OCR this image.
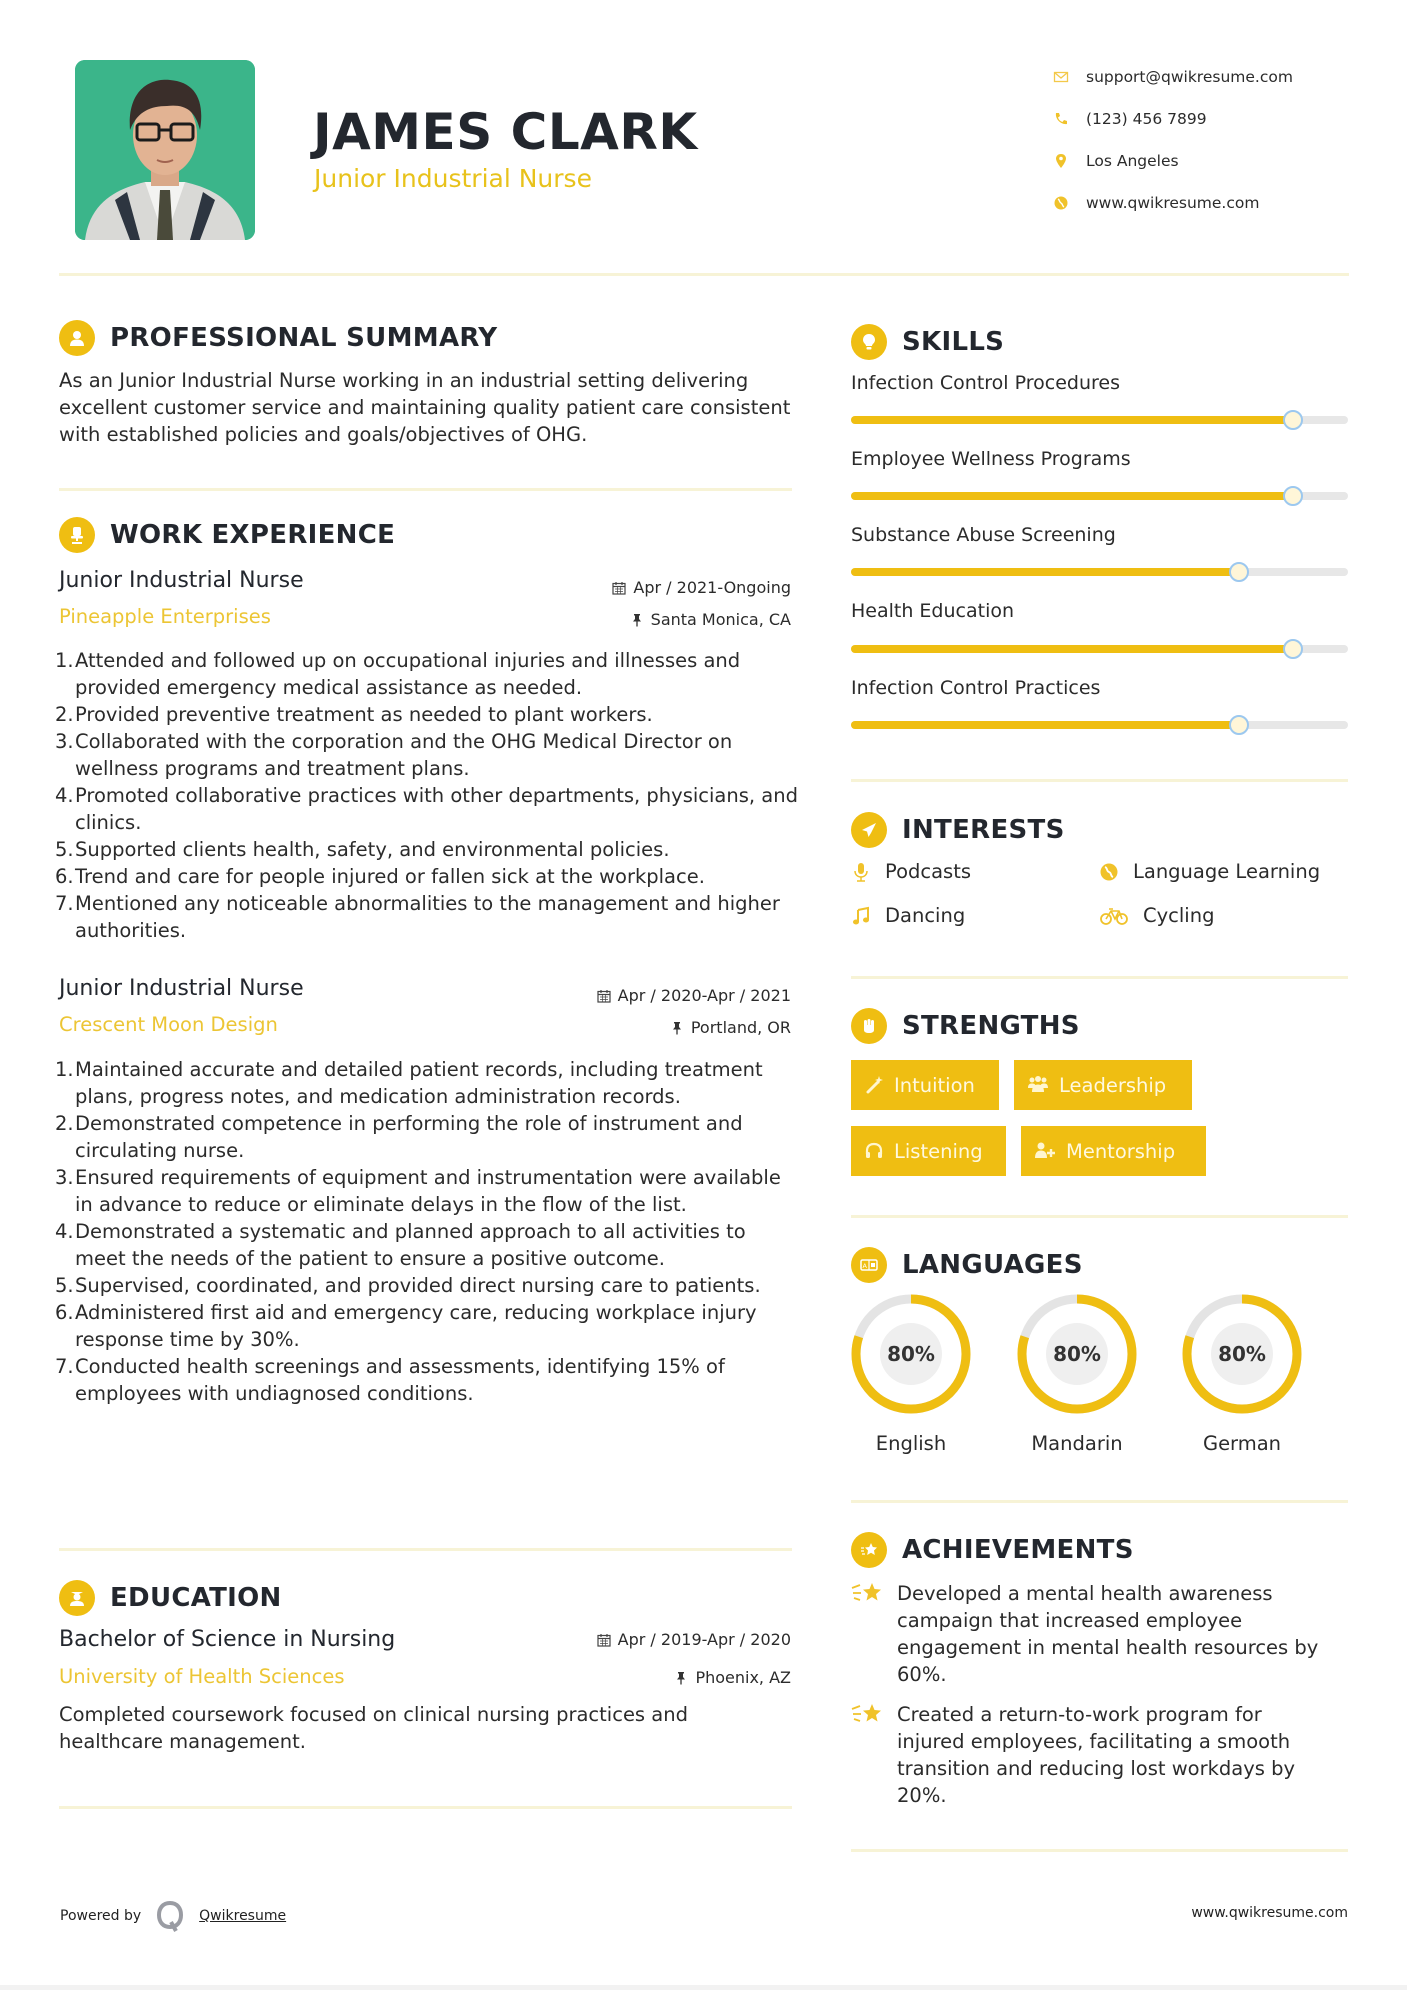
JAMES CLARK
Junior Industrial Nurse
support@qwikresume.com
(123) 456 7899
Los Angeles
www.qwikresume.com
PROFESSIONAL SUMMARY
As an Junior Industrial Nurse working in an industrial setting delivering excellent customer service and maintaining quality patient care consistent with established policies and goals/objectives of OHG.
WORK EXPERIENCE
Junior Industrial Nurse	Apr / 2021-Ongoing
Pineapple Enterprises	Santa Monica, CA
1. Attended and followed up on occupational injuries and illnesses and provided emergency medical assistance as needed.
2. Provided preventive treatment as needed to plant workers.
3. Collaborated with the corporation and the OHG Medical Director on wellness programs and treatment plans.
4. Promoted collaborative practices with other departments, physicians, and clinics.
5. Supported clients health, safety, and environmental policies.
6. Trend and care for people injured or fallen sick at the workplace.
7. Mentioned any noticeable abnormalities to the management and higher authorities.
Junior Industrial Nurse	Apr / 2020-Apr / 2021
Crescent Moon Design	Portland, OR
1. Maintained accurate and detailed patient records, including treatment plans, progress notes, and medication administration records.
2. Demonstrated competence in performing the role of instrument and circulating nurse.
3. Ensured requirements of equipment and instrumentation were available in advance to reduce or eliminate delays in the flow of the list.
4. Demonstrated a systematic and planned approach to all activities to meet the needs of the patient to ensure a positive outcome.
5. Supervised, coordinated, and provided direct nursing care to patients.
6. Administered first aid and emergency care, reducing workplace injury response time by 30%.
7. Conducted health screenings and assessments, identifying 15% of employees with undiagnosed conditions.
EDUCATION
Bachelor of Science in Nursing	Apr / 2019-Apr / 2020
University of Health Sciences	Phoenix, AZ
Completed coursework focused on clinical nursing practices and healthcare management.
SKILLS
Infection Control Procedures
Employee Wellness Programs
Substance Abuse Screening
Health Education
Infection Control Practices
INTERESTS
Podcasts	Language Learning
Dancing	Cycling
STRENGTHS
Intuition	Leadership
Listening	Mentorship
A LANGUAGES
80%
English
80%
Mandarin
80%
German
ACHIEVEMENTS
Developed a mental health awareness campaign that increased employee engagement in mental health resources by 60%.
Created a return-to-work program for injured employees, facilitating a smooth transition and reducing lost workdays by 20%.
Powered by	Qwikresume	www.qwikresume.com
